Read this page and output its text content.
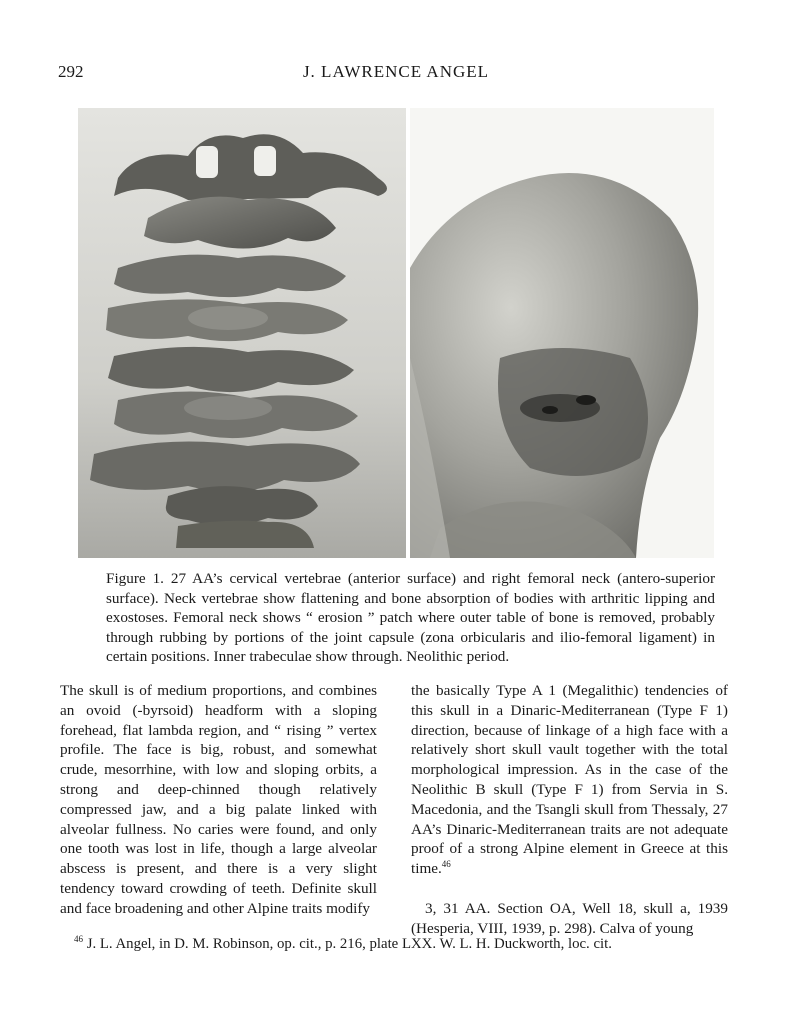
292	J. LAWRENCE ANGEL

Figure 1. 27 AA’s cervical vertebrae (anterior surface) and right femoral neck (antero-superior surface). Neck vertebrae show flattening and bone absorption of bodies with arthritic lipping and exostoses. Femoral neck shows “ erosion ” patch where outer table of bone is removed, probably through rubbing by portions of the joint capsule (zona orbicularis and ilio-femoral ligament) in certain positions. Inner trabeculae show through. Neolithic period.

The skull is of medium proportions, and combines an ovoid (-byrsoid) headform with a sloping forehead, flat lambda region, and “ rising ” vertex profile. The face is big, robust, and somewhat crude, mesorrhine, with low and sloping orbits, a strong and deep-chinned though relatively compressed jaw, and a big palate linked with alveolar fullness. No caries were found, and only one tooth was lost in life, though a large alveolar abscess is present, and there is a very slight tendency toward crowding of teeth. Definite skull and face broadening and other Alpine traits modify

the basically Type A 1 (Megalithic) tendencies of this skull in a Dinaric-Mediterranean (Type F 1) direction, because of linkage of a high face with a relatively short skull vault together with the total morphological impression. As in the case of the Neolithic B skull (Type F 1) from Servia in S. Macedonia, and the Tsangli skull from Thessaly, 27 AA’s Dinaric-Mediterranean traits are not adequate proof of a strong Alpine element in Greece at this time.$^{46}$

3, 31 AA. Section OA, Well 18, skull a, 1939 (Hesperia, VIII, 1939, p. 298). Calva of young

$^{46}$ J. L. Angel, in D. M. Robinson, op. cit., p. 216, plate LXX. W. L. H. Duckworth, loc. cit.
